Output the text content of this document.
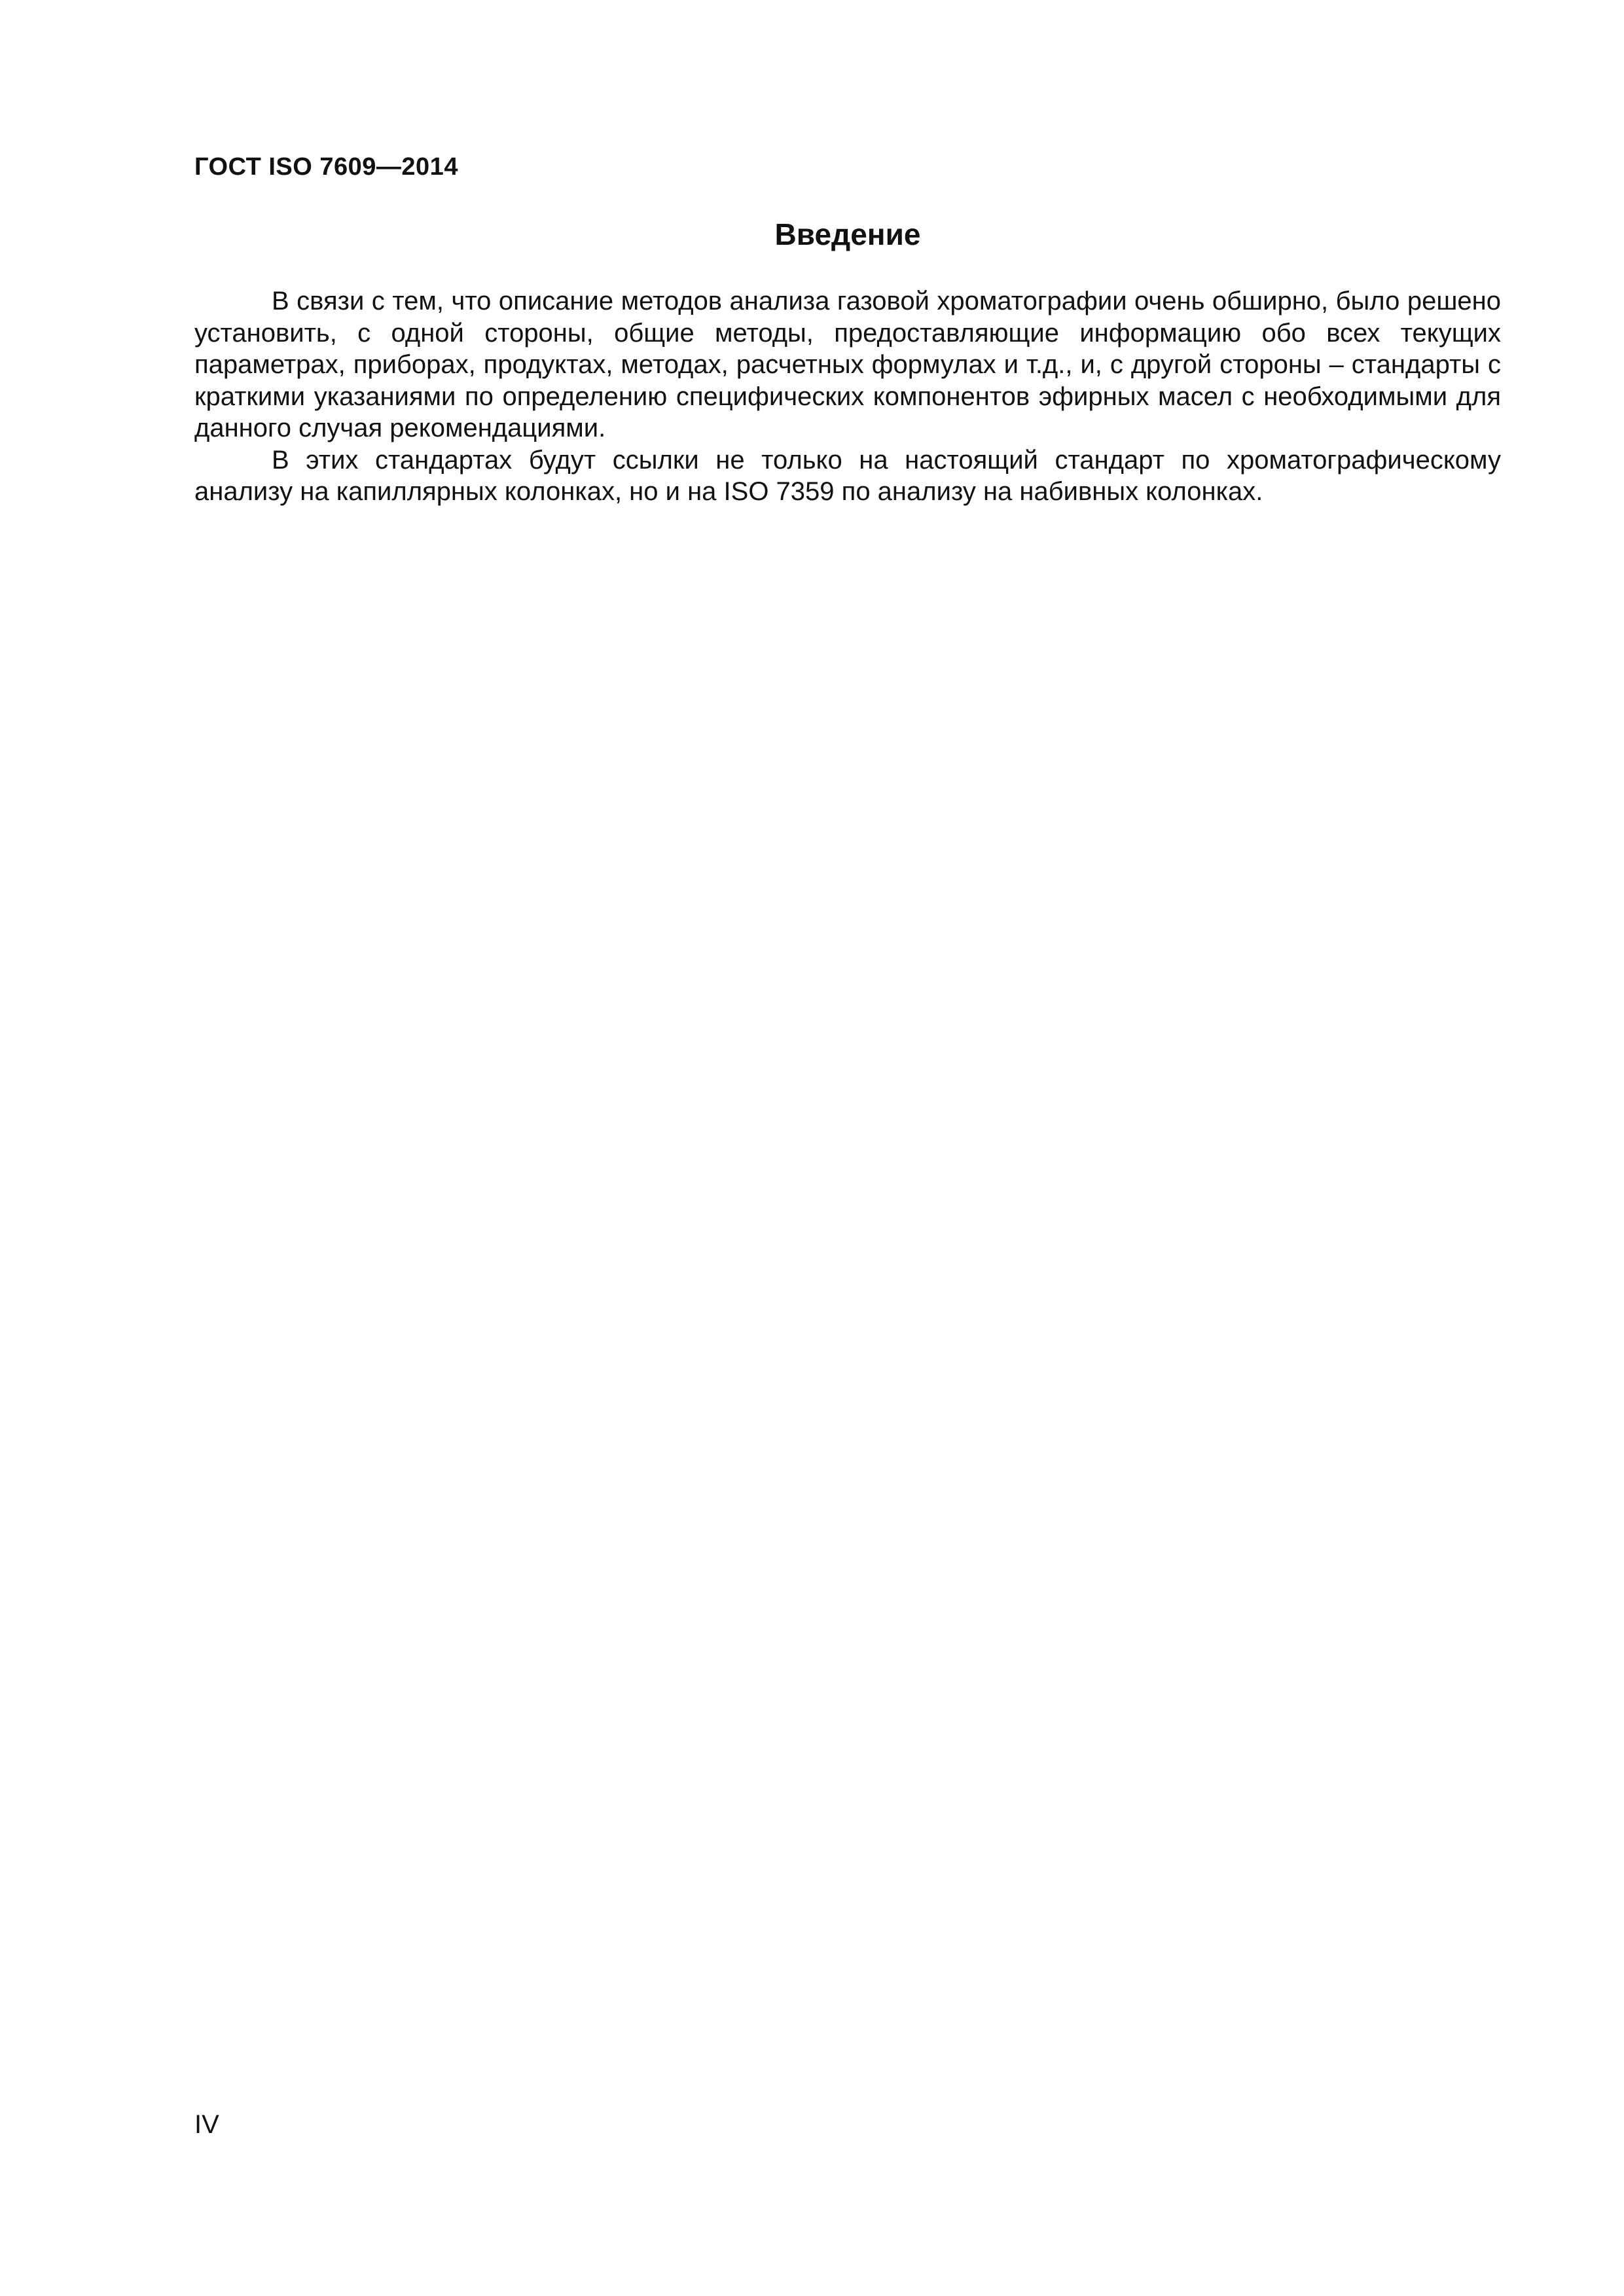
ГОСТ ISO 7609—2014
Введение

В связи с тем, что описание методов анализа газовой хроматографии очень обширно, было решено установить, с одной стороны, общие методы, предоставляющие информацию обо всех текущих параметрах, приборах, продуктах, методах, расчетных формулах и т.д., и, с другой стороны – стандарты с краткими указаниями по определению специфических компонентов эфирных масел с необходимыми для данного случая рекомендациями.

В этих стандартах будут ссылки не только на настоящий стандарт по хроматографическому анализу на капиллярных колонках, но и на ISO 7359 по анализу на набивных колонках.

IV
